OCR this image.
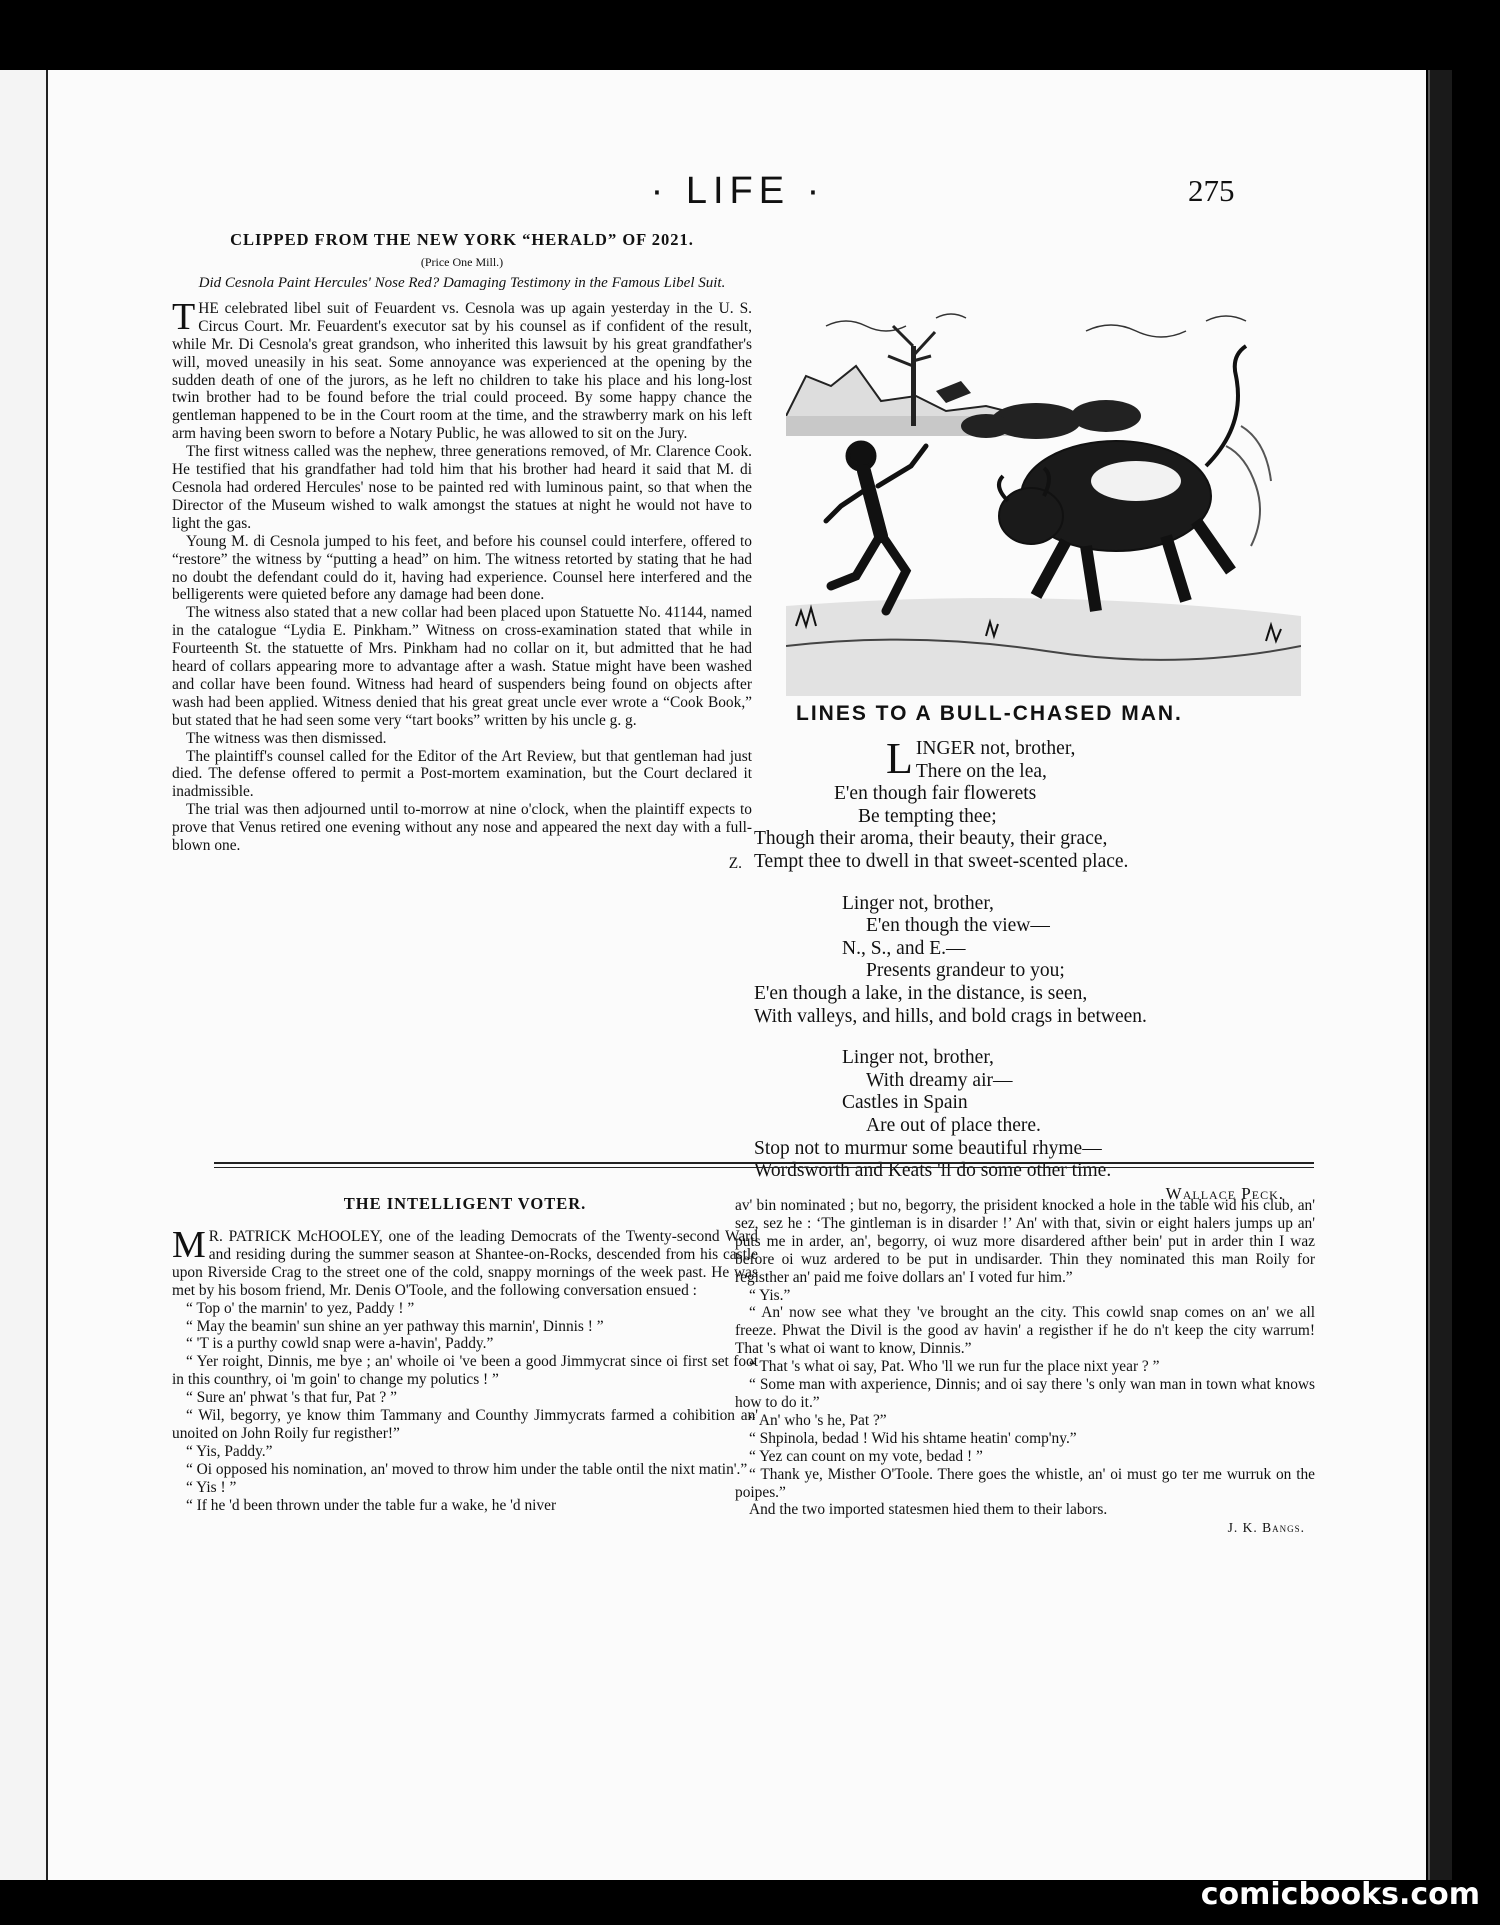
· LIFE ·	275
CLIPPED FROM THE NEW YORK “HERALD” OF 2021.
(Price One Mill.)
Did Cesnola Paint Hercules' Nose Red? Damaging Testimony in the Famous Libel Suit.

THE celebrated libel suit of Feuardent vs. Cesnola was up again yesterday in the U. S. Circus Court. Mr. Feuardent's executor sat by his counsel as if confident of the result, while Mr. Di Cesnola's great grandson, who inherited this lawsuit by his great grandfather's will, moved uneasily in his seat. Some annoyance was experienced at the opening by the sudden death of one of the jurors, as he left no children to take his place and his long-lost twin brother had to be found before the trial could proceed. By some happy chance the gentleman happened to be in the Court room at the time, and the strawberry mark on his left arm having been sworn to before a Notary Public, he was allowed to sit on the Jury.

The first witness called was the nephew, three generations removed, of Mr. Clarence Cook. He testified that his grandfather had told him that his brother had heard it said that M. di Cesnola had ordered Hercules' nose to be painted red with luminous paint, so that when the Director of the Museum wished to walk amongst the statues at night he would not have to light the gas.

Young M. di Cesnola jumped to his feet, and before his counsel could interfere, offered to “restore” the witness by “putting a head” on him. The witness retorted by stating that he had no doubt the defendant could do it, having had experience. Counsel here interfered and the belligerents were quieted before any damage had been done.

The witness also stated that a new collar had been placed upon Statuette No. 41144, named in the catalogue “Lydia E. Pinkham.” Witness on cross-examination stated that while in Fourteenth St. the statuette of Mrs. Pinkham had no collar on it, but admitted that he had heard of collars appearing more to advantage after a wash. Statue might have been washed and collar have been found. Witness had heard of suspenders being found on objects after wash had been applied. Witness denied that his great great uncle ever wrote a “Cook Book,” but stated that he had seen some very “tart books” written by his uncle g. g.

The witness was then dismissed.

The plaintiff's counsel called for the Editor of the Art Review, but that gentleman had just died. The defense offered to permit a Post-mortem examination, but the Court declared it inadmissible.

The trial was then adjourned until to-morrow at nine o'clock, when the plaintiff expects to prove that Venus retired one evening without any nose and appeared the next day with a full-blown one.

Z.
LINES TO A BULL-CHASED MAN.
LINGER not, brother,
There on the lea,
E'en though fair flowerets
Be tempting thee;
Though their aroma, their beauty, their grace,
Tempt thee to dwell in that sweet-scented place.
Linger not, brother,
E'en though the view—
N., S., and E.—
Presents grandeur to you;
E'en though a lake, in the distance, is seen,
With valleys, and hills, and bold crags in between.
Linger not, brother,
With dreamy air—
Castles in Spain
Are out of place there.
Stop not to murmur some beautiful rhyme—
Wordsworth and Keats 'll do some other time.
Wallace Peck.
THE INTELLIGENT VOTER.

M R. PATRICK McHOOLEY, one of the leading Democrats of the Twenty-second Ward and residing during the summer season at Shantee-on-Rocks, descended from his castle upon Riverside Crag to the street one of the cold, snappy mornings of the week past. He was met by his bosom friend, Mr. Denis O'Toole, and the following conversation ensued :

“ Top o' the marnin' to yez, Paddy ! ”

“ May the beamin' sun shine an yer pathway this marnin', Dinnis ! ”

“ 'T is a purthy cowld snap were a-havin', Paddy.”

“ Yer roight, Dinnis, me bye ; an' whoile oi 've been a good Jimmycrat since oi first set foot in this counthry, oi 'm goin' to change my polutics ! ”

“ Sure an' phwat 's that fur, Pat ? ”

“ Wil, begorry, ye know thim Tammany and Counthy Jimmycrats farmed a cohibition an' unoited on John Roily fur registher!”

“ Yis, Paddy.”

“ Oi opposed his nomination, an' moved to throw him under the table ontil the nixt matin'.”

“ Yis ! ”

“ If he 'd been thrown under the table fur a wake, he 'd niver

av' bin nominated ; but no, begorry, the prisident knocked a hole in the table wid his club, an' sez, sez he : ‘The gintleman is in disarder !’ An' with that, sivin or eight halers jumps up an' puts me in arder, an', begorry, oi wuz more disardered afther bein' put in arder thin I waz before oi wuz ardered to be put in undisarder. Thin they nominated this man Roily for registher an' paid me foive dollars an' I voted fur him.”

“ Yis.”

“ An' now see what they 've brought an the city. This cowld snap comes on an' we all freeze. Phwat the Divil is the good av havin' a registher if he do n't keep the city warrum! That 's what oi want to know, Dinnis.”

“ That 's what oi say, Pat. Who 'll we run fur the place nixt year ? ”

“ Some man with axperience, Dinnis; and oi say there 's only wan man in town what knows how to do it.”

“ An' who 's he, Pat ?”

“ Shpinola, bedad ! Wid his shtame heatin' comp'ny.”

“ Yez can count on my vote, bedad ! ”

“ Thank ye, Misther O'Toole. There goes the whistle, an' oi must go ter me wurruk on the poipes.”

And the two imported statesmen hied them to their labors.

J. K. Bangs.
comicbooks.com
